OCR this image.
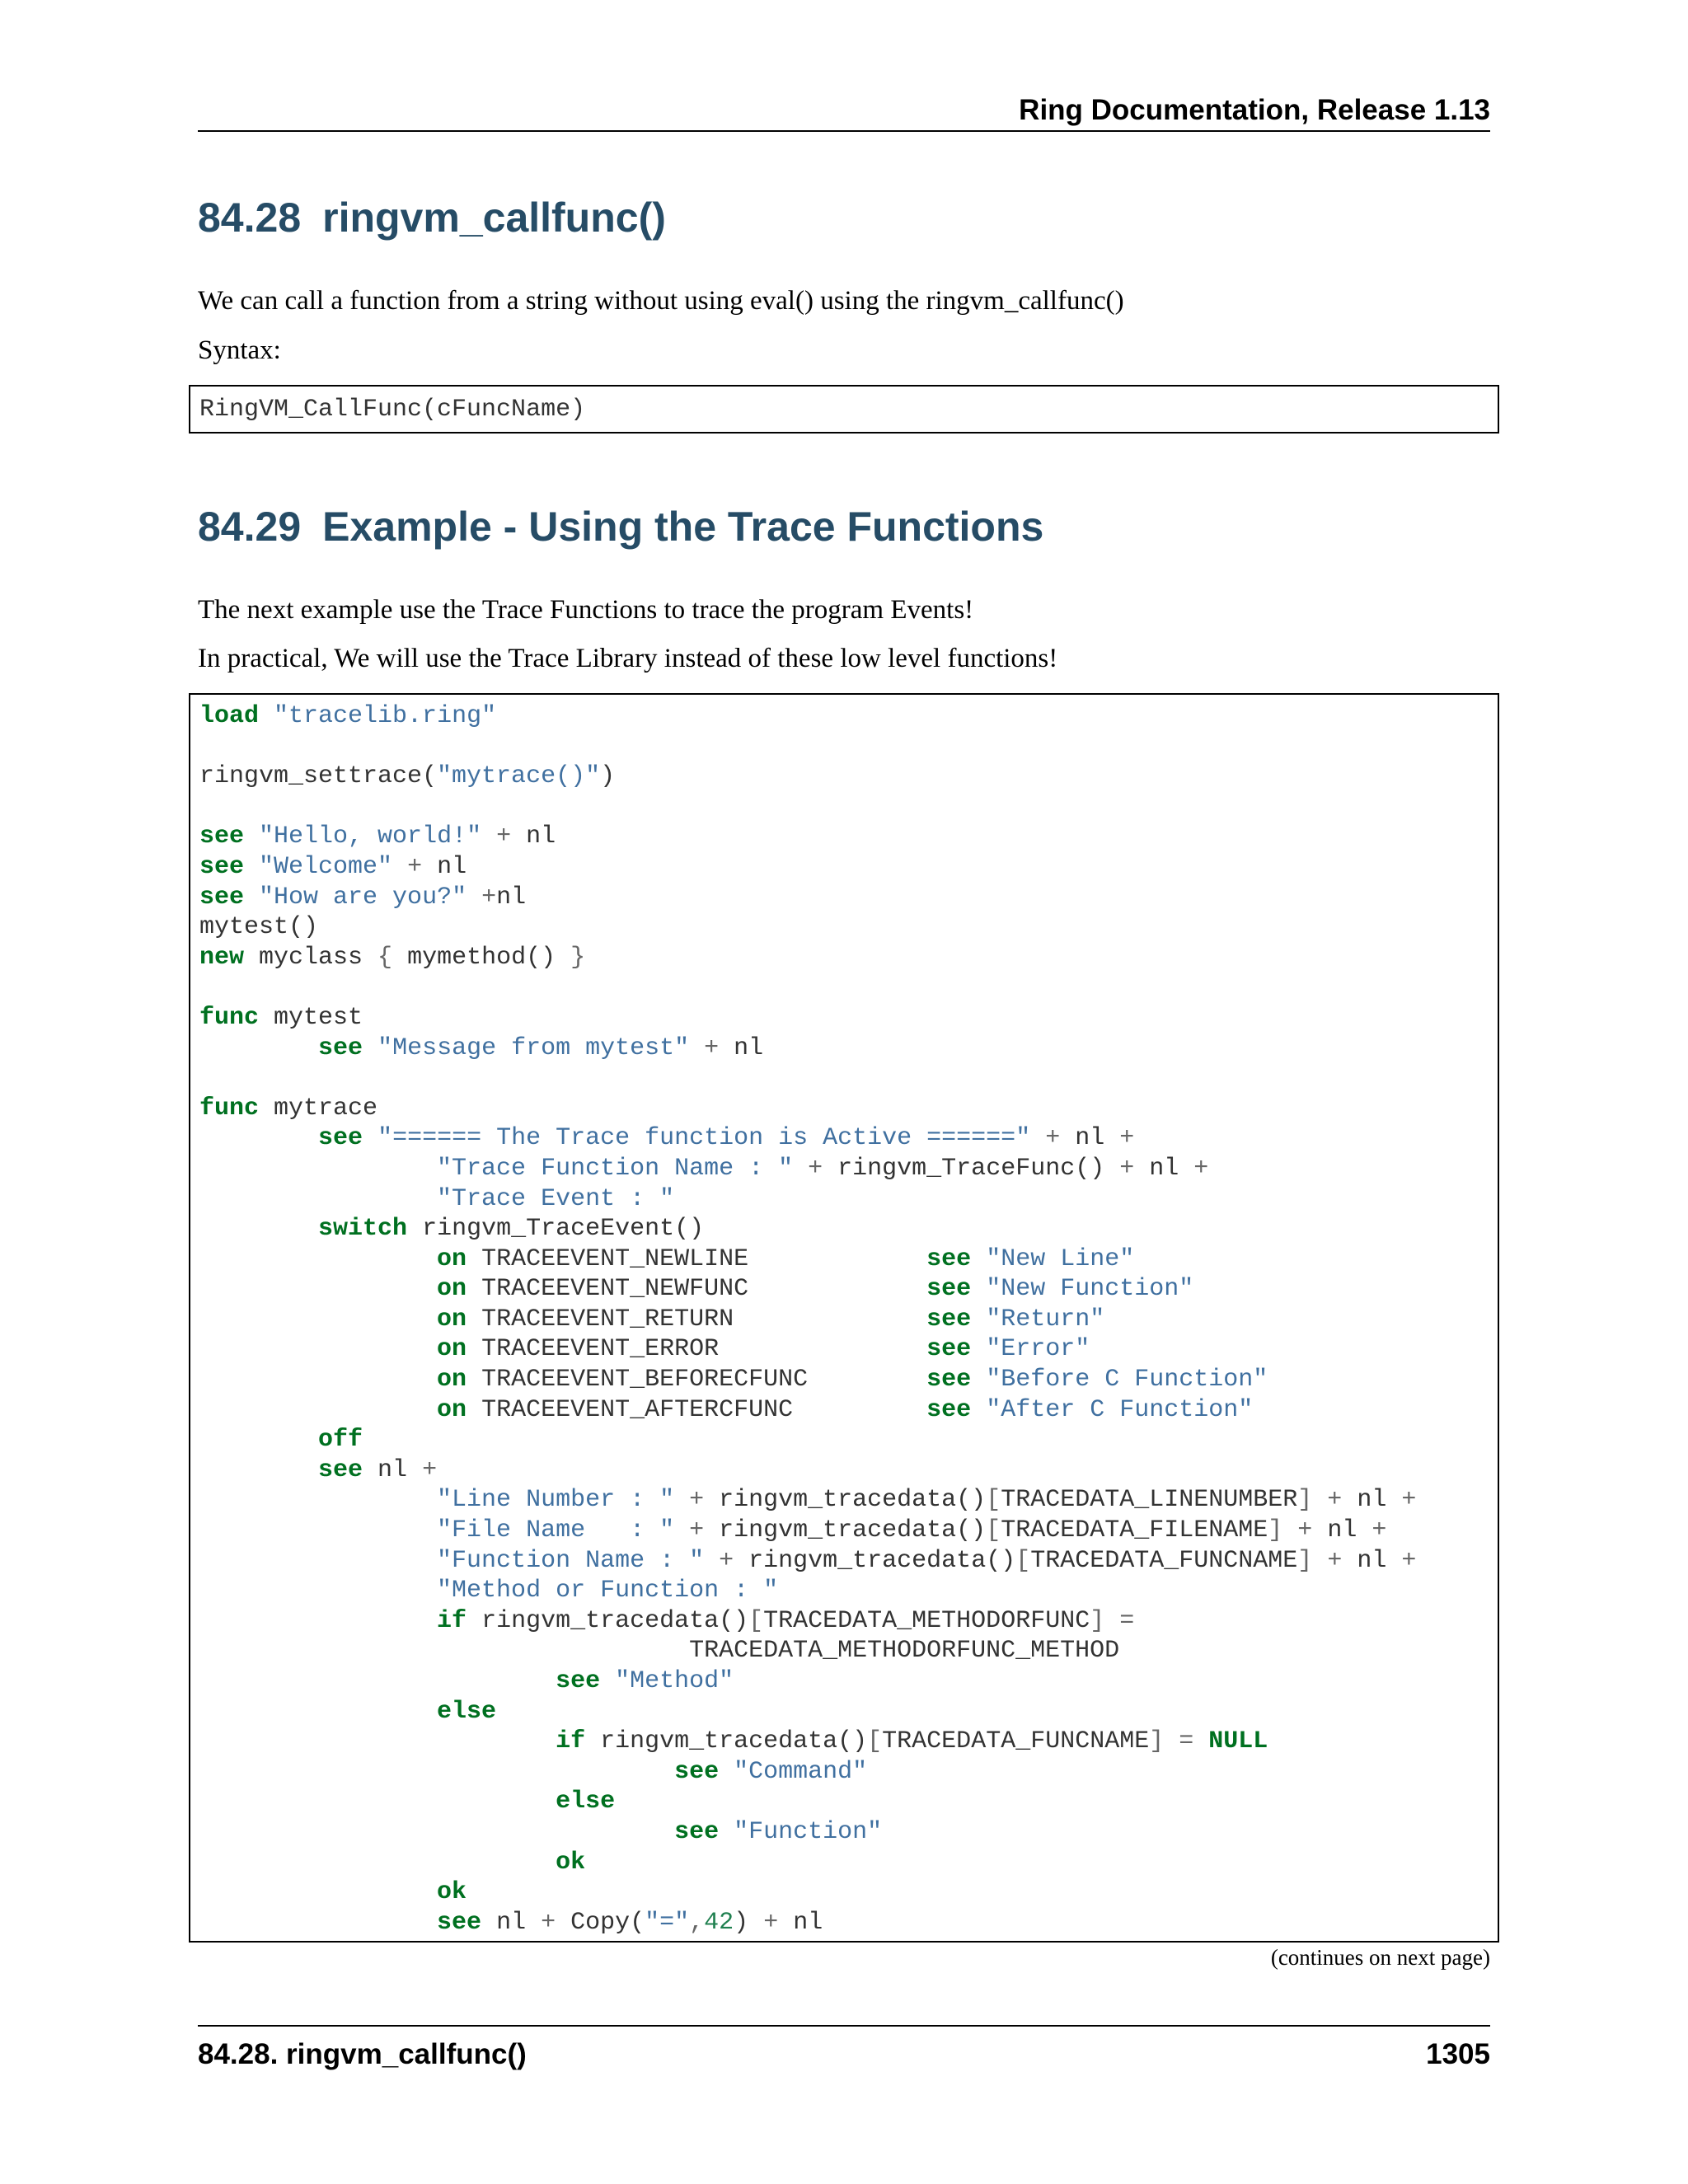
Ring Documentation, Release 1.13
84.28 ringvm_callfunc()

We can call a function from a string without using eval() using the ringvm_callfunc()

Syntax:

RingVM_CallFunc(cFuncName)
84.29 Example - Using the Trace Functions

The next example use the Trace Functions to trace the program Events!

In practical, We will use the Trace Library instead of these low level functions!

load "tracelib.ring"

ringvm_settrace("mytrace()")

see "Hello, world!" + nl
see "Welcome" + nl
see "How are you?" +nl
mytest()
new myclass { mymethod() }

func mytest
see "Message from mytest" + nl

func mytrace
see "====== The Trace function is Active ======" + nl +
"Trace Function Name : " + ringvm_TraceFunc() + nl +
"Trace Event : "
switch ringvm_TraceEvent()
on TRACEEVENT_NEWLINE            see "New Line"
on TRACEEVENT_NEWFUNC            see "New Function"
on TRACEEVENT_RETURN             see "Return"
on TRACEEVENT_ERROR              see "Error"
on TRACEEVENT_BEFORECFUNC        see "Before C Function"
on TRACEEVENT_AFTERCFUNC         see "After C Function"
off
see nl +
"Line Number : " + ringvm_tracedata()[TRACEDATA_LINENUMBER] + nl +
"File Name   : " + ringvm_tracedata()[TRACEDATA_FILENAME] + nl +
"Function Name : " + ringvm_tracedata()[TRACEDATA_FUNCNAME] + nl +
"Method or Function : "
if ringvm_tracedata()[TRACEDATA_METHODORFUNC] =
TRACEDATA_METHODORFUNC_METHOD
see "Method"
else
if ringvm_tracedata()[TRACEDATA_FUNCNAME] = NULL
see "Command"
else
see "Function"
ok
ok
see nl + Copy("=",42) + nl
(continues on next page)
84.28. ringvm_callfunc()	1305
